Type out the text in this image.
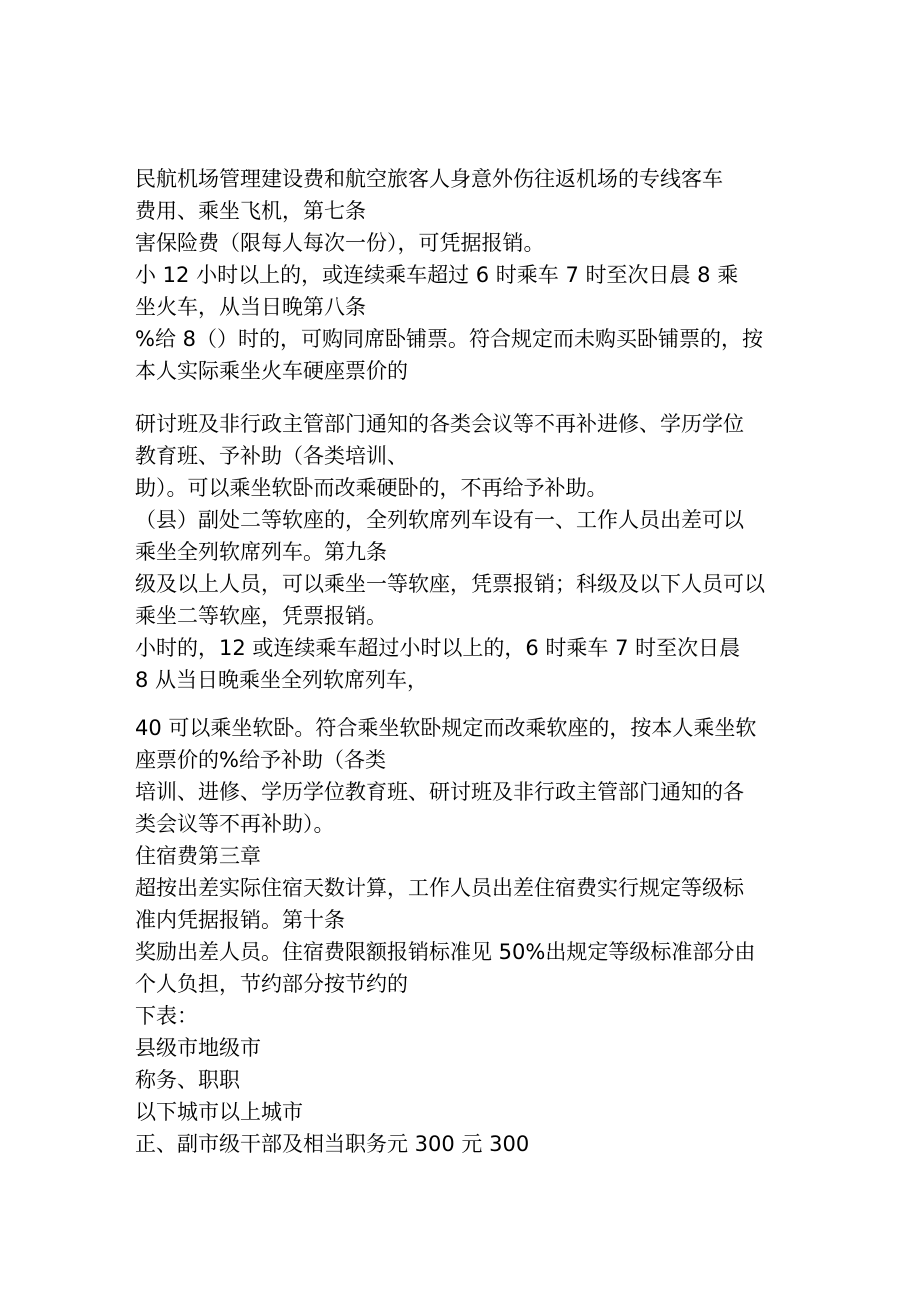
民航机场管理建设费和航空旅客人身意外伤往返机场的专线客车
费用、乘坐飞机，第七条
害保险费（限每人每次一份），可凭据报销。
小 12 小时以上的，或连续乘车超过 6 时乘车 7 时至次日晨 8 乘
坐火车，从当日晚第八条
%给 8（）时的，可购同席卧铺票。符合规定而未购买卧铺票的，按
本人实际乘坐火车硬座票价的
研讨班及非行政主管部门通知的各类会议等不再补进修、学历学位
教育班、予补助（各类培训、
助）。可以乘坐软卧而改乘硬卧的，不再给予补助。
（县）副处二等软座的，全列软席列车设有一、工作人员出差可以
乘坐全列软席列车。第九条
级及以上人员，可以乘坐一等软座，凭票报销；科级及以下人员可以
乘坐二等软座，凭票报销。
小时的，12 或连续乘车超过小时以上的，6 时乘车 7 时至次日晨
8 从当日晚乘坐全列软席列车，
40 可以乘坐软卧。符合乘坐软卧规定而改乘软座的，按本人乘坐软
座票价的%给予补助（各类
培训、进修、学历学位教育班、研讨班及非行政主管部门通知的各
类会议等不再补助）。
住宿费第三章
超按出差实际住宿天数计算，工作人员出差住宿费实行规定等级标
准内凭据报销。第十条
奖励出差人员。住宿费限额报销标准见 50%出规定等级标准部分由
个人负担，节约部分按节约的
下表：
县级市地级市
称务、职职
以下城市以上城市
正、副市级干部及相当职务元 300 元 300
